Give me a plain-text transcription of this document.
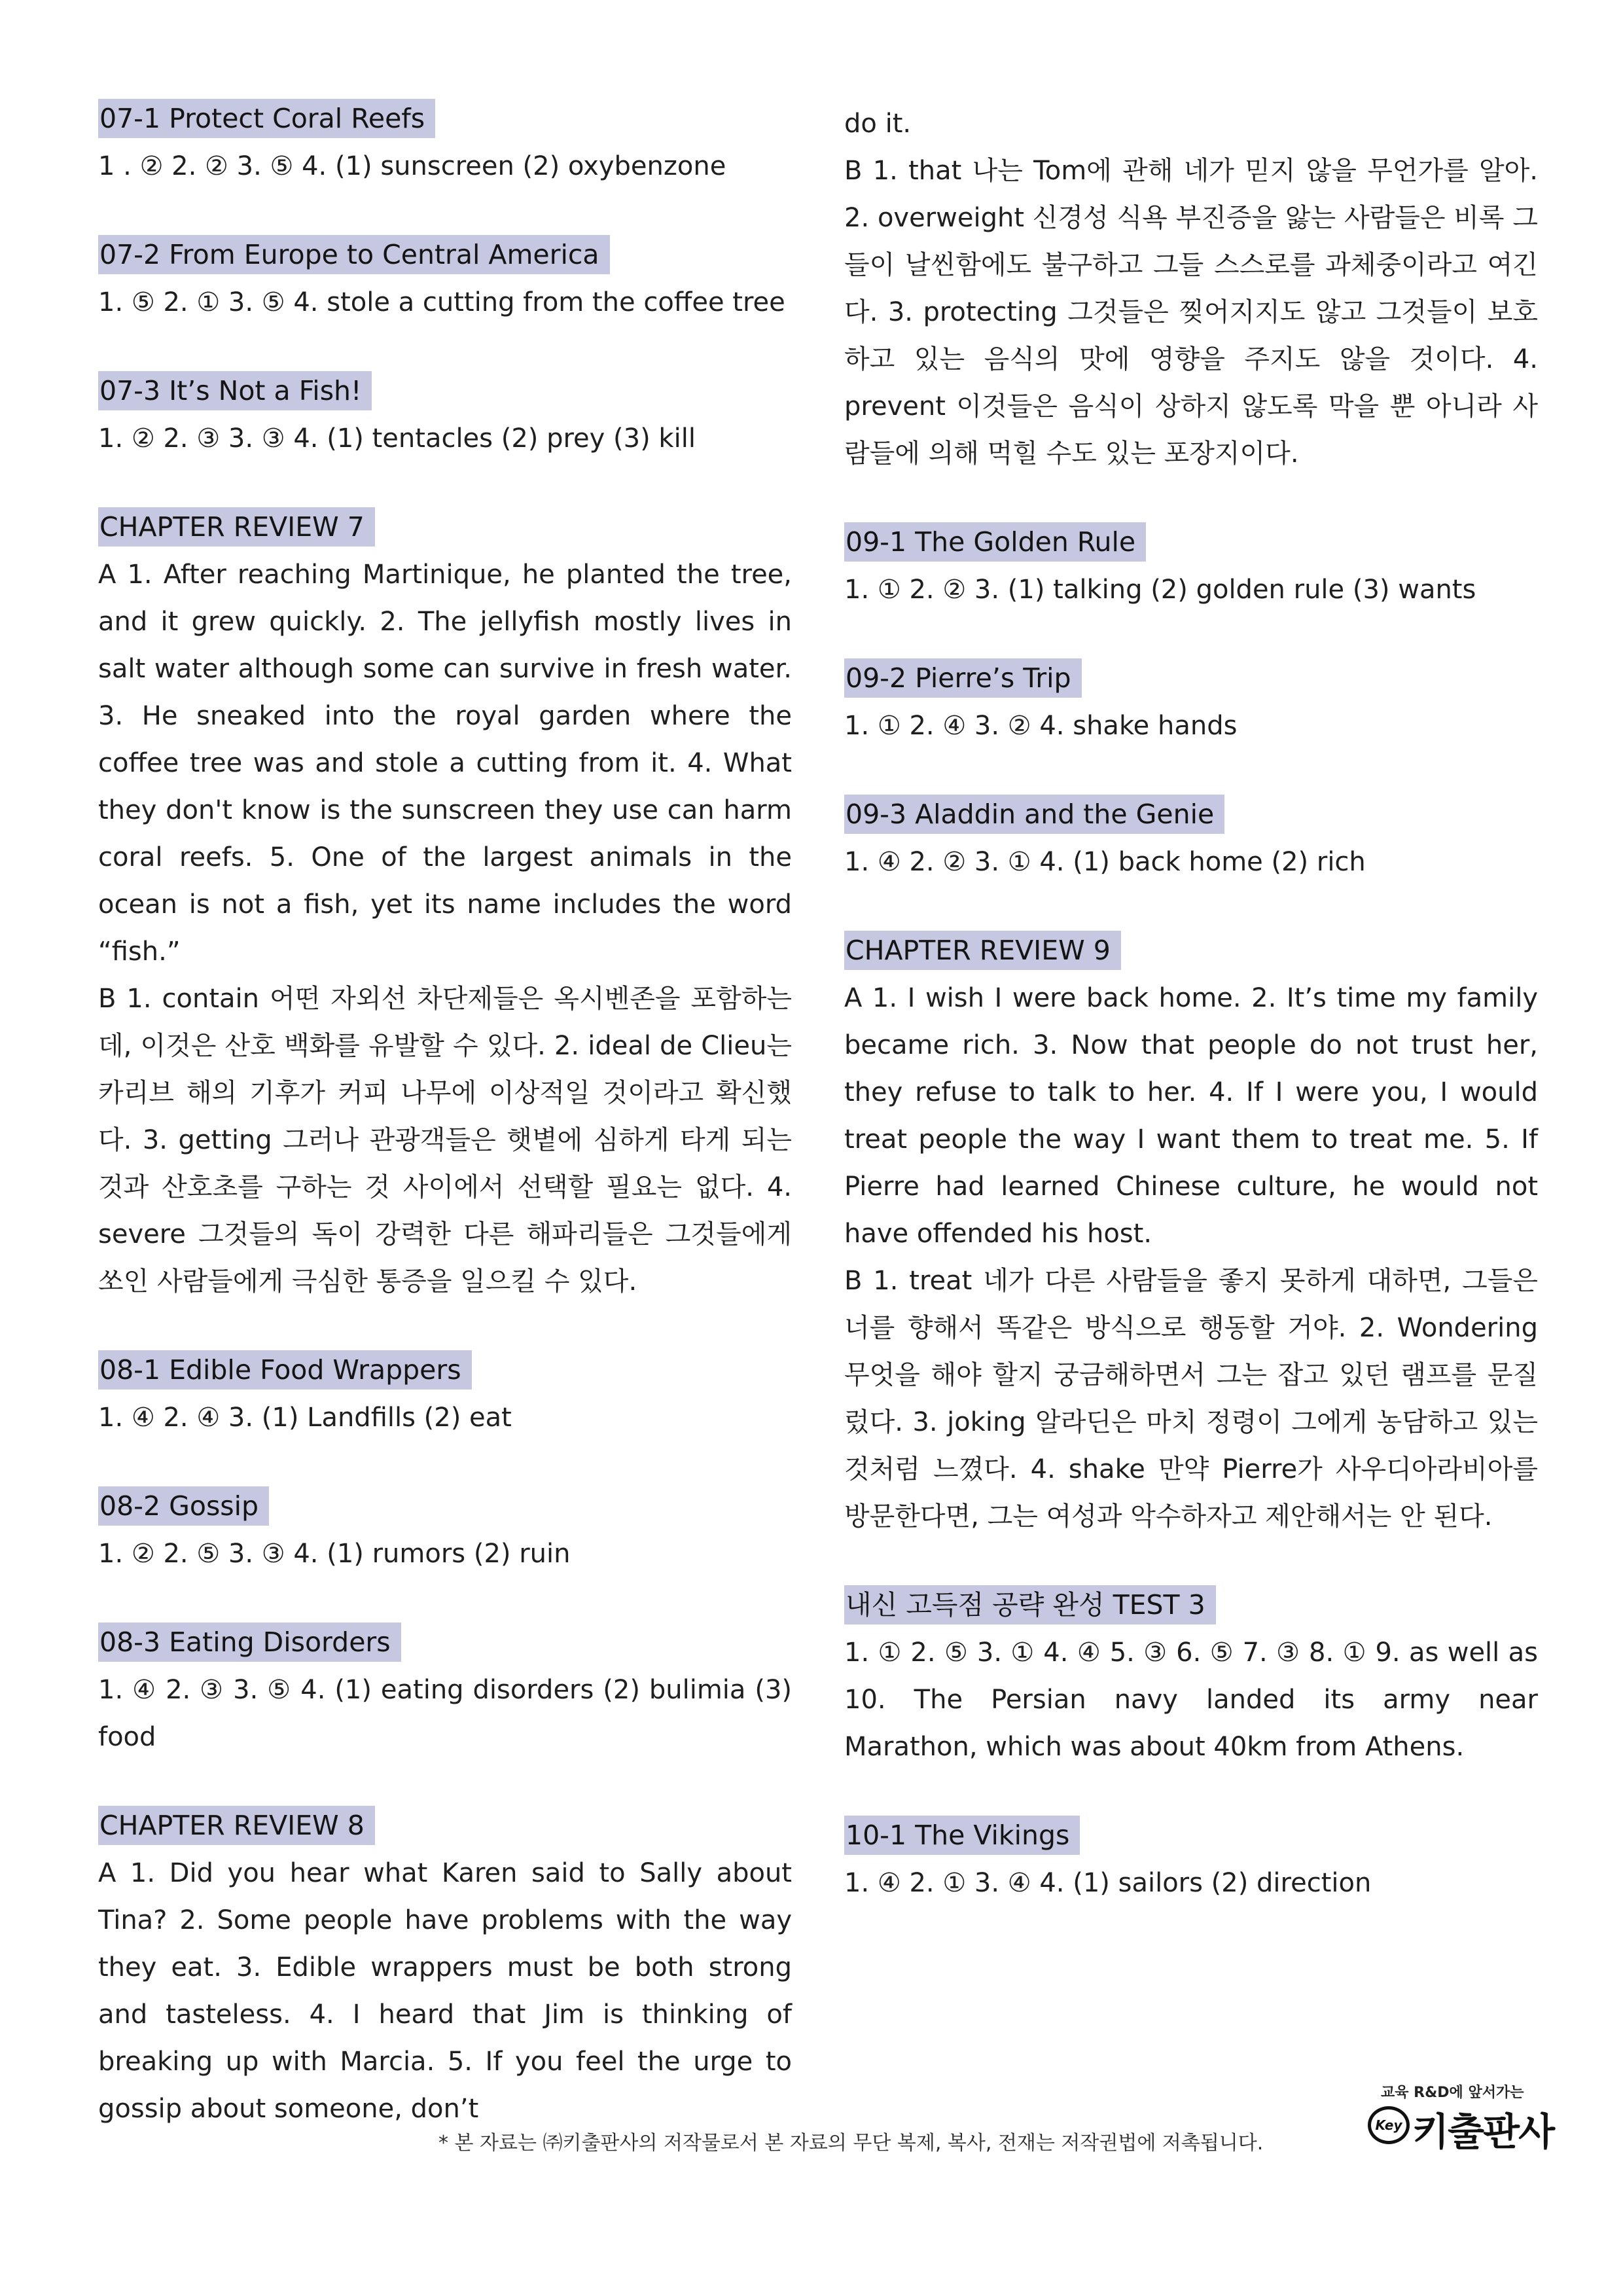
07-1 Protect Coral Reefs

1 . ② 2. ② 3. ⑤ 4. (1) sunscreen (2) oxybenzone

07-2 From Europe to Central America

1. ⑤ 2. ① 3. ⑤ 4. stole a cutting from the coffee tree

07-3 It’s Not a Fish!

1. ② 2. ③ 3. ③ 4. (1) tentacles (2) prey (3) kill

CHAPTER REVIEW 7

A 1. After reaching Martinique, he planted the tree, and it grew quickly. 2. The jellyfish mostly lives in salt water although some can survive in fresh water. 3. He sneaked into the royal garden where the coffee tree was and stole a cutting from it. 4. What they don't know is the sunscreen they use can harm coral reefs. 5. One of the largest animals in the ocean is not a fish, yet its name includes the word “fish.”

B 1. contain 어떤 자외선 차단제들은 옥시벤존을 포함하는데, 이것은 산호 백화를 유발할 수 있다. 2. ideal de Clieu는 카리브 해의 기후가 커피 나무에 이상적일 것이라고 확신했다. 3. getting 그러나 관광객들은 햇볕에 심하게 타게 되는 것과 산호초를 구하는 것 사이에서 선택할 필요는 없다. 4. severe 그것들의 독이 강력한 다른 해파리들은 그것들에게 쏘인 사람들에게 극심한 통증을 일으킬 수 있다.

08-1 Edible Food Wrappers

1. ④ 2. ④ 3. (1) Landfills (2) eat

08-2 Gossip

1. ② 2. ⑤ 3. ③ 4. (1) rumors (2) ruin

08-3 Eating Disorders

1. ④ 2. ③ 3. ⑤ 4. (1) eating disorders (2) bulimia (3) food

CHAPTER REVIEW 8

A 1. Did you hear what Karen said to Sally about Tina? 2. Some people have problems with the way they eat. 3. Edible wrappers must be both strong and tasteless. 4. I heard that Jim is thinking of breaking up with Marcia. 5. If you feel the urge to gossip about someone, don’t

do it.

B 1. that 나는 Tom에 관해 네가 믿지 않을 무언가를 알아. 2. overweight 신경성 식욕 부진증을 앓는 사람들은 비록 그들이 날씬함에도 불구하고 그들 스스로를 과체중이라고 여긴다. 3. protecting 그것들은 찢어지지도 않고 그것들이 보호하고 있는 음식의 맛에 영향을 주지도 않을 것이다. 4. prevent 이것들은 음식이 상하지 않도록 막을 뿐 아니라 사람들에 의해 먹힐 수도 있는 포장지이다.

09-1 The Golden Rule

1. ① 2. ② 3. (1) talking (2) golden rule (3) wants

09-2 Pierre’s Trip

1. ① 2. ④ 3. ② 4. shake hands

09-3 Aladdin and the Genie

1. ④ 2. ② 3. ① 4. (1) back home (2) rich

CHAPTER REVIEW 9

A 1. I wish I were back home. 2. It’s time my family became rich. 3. Now that people do not trust her, they refuse to talk to her. 4. If I were you, I would treat people the way I want them to treat me. 5. If Pierre had learned Chinese culture, he would not have offended his host.

B 1. treat 네가 다른 사람들을 좋지 못하게 대하면, 그들은 너를 향해서 똑같은 방식으로 행동할 거야. 2. Wondering 무엇을 해야 할지 궁금해하면서 그는 잡고 있던 램프를 문질렀다. 3. joking 알라딘은 마치 정령이 그에게 농담하고 있는 것처럼 느꼈다. 4. shake 만약 Pierre가 사우디아라비아를 방문한다면, 그는 여성과 악수하자고 제안해서는 안 된다.

내신 고득점 공략 완성 TEST 3

1. ① 2. ⑤ 3. ① 4. ④ 5. ③ 6. ⑤ 7. ③ 8. ① 9. as well as 10. The Persian navy landed its army near Marathon, which was about 40km from Athens.

10-1 The Vikings

1. ④ 2. ① 3. ④ 4. (1) sailors (2) direction

* 본 자료는 ㈜키출판사의 저작물로서 본 자료의 무단 복제, 복사, 전재는 저작권법에 저촉됩니다.
교육 R&D에 앞서가는
Key 키출판사
